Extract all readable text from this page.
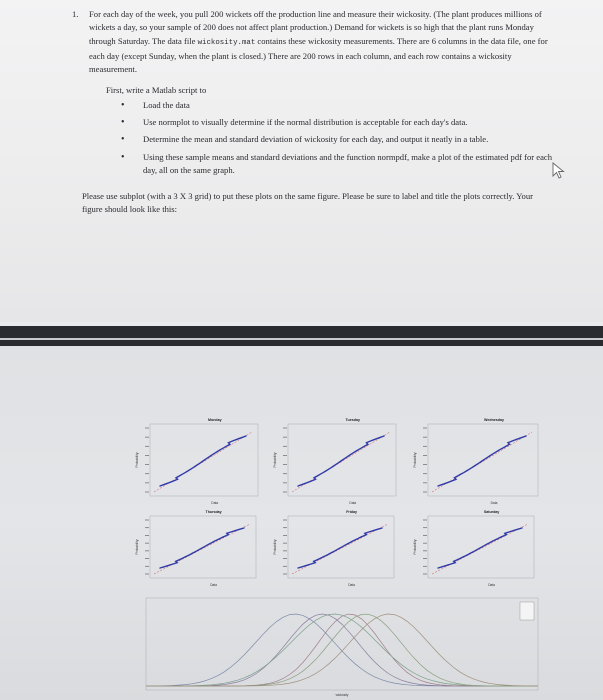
1. For each day of the week, you pull 200 wickets off the production line and measure their wickosity. (The plant produces millions of wickets a day, so your sample of 200 does not affect plant production.) Demand for wickets is so high that the plant runs Monday through Saturday. The data file wickosity.mat contains these wickosity measurements. There are 6 columns in the data file, one for each day (except Sunday, when the plant is closed.) There are 200 rows in each column, and each row contains a wickosity measurement.
First, write a Matlab script to
• Load the data
• Use normplot to visually determine if the normal distribution is acceptable for each day's data.
• Determine the mean and standard deviation of wickosity for each day, and output it neatly in a table.
• Using these sample means and standard deviations and the function normpdf, make a plot of the estimated pdf for each day, all on the same graph.
Please use subplot (with a 3 X 3 grid) to put these plots on the same figure. Please be sure to label and title the plots correctly. Your figure should look like this:
Monday
Data
Probability
Tuesday
Data
Probability
Wednesday
Data
Probability
Thursday
Data
Probability
Friday
Data
Probability
Saturday
Data
Probability
wickosity
